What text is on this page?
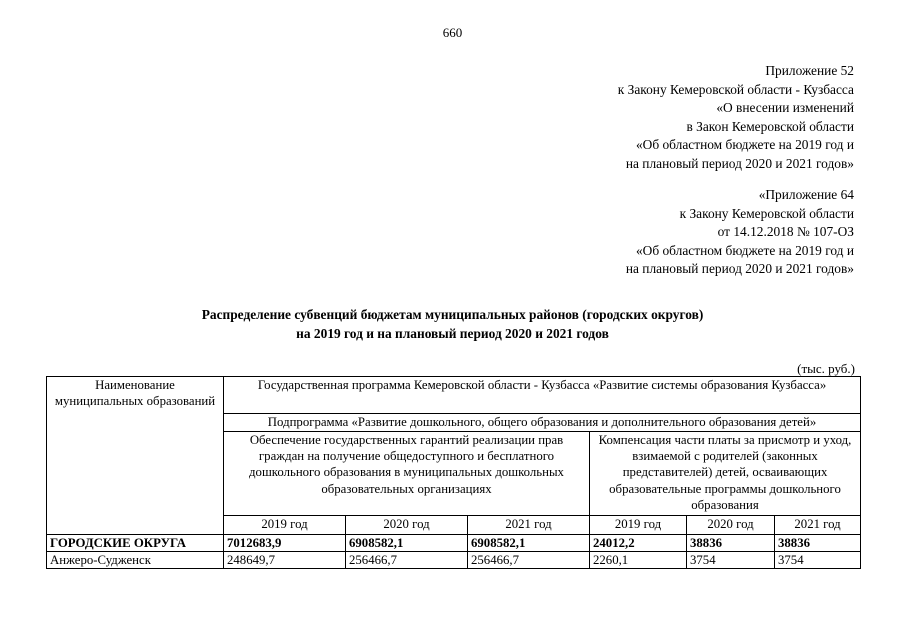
660
Приложение 52
к Закону Кемеровской области - Кузбасса
«О внесении изменений
в Закон Кемеровской области
«Об областном бюджете на 2019 год и
на плановый период 2020 и 2021 годов»
«Приложение 64
к Закону Кемеровской области
от 14.12.2018 № 107-ОЗ
«Об областном бюджете на 2019 год и
на плановый период 2020 и 2021 годов»
Распределение субвенций бюджетам муниципальных районов (городских округов)
на 2019 год и на плановый период 2020 и 2021 годов
(тыс. руб.)
Наименование муниципальных образований	Государственная программа Кемеровской области - Кузбасса «Развитие системы образования Кузбасса»					
	Подпрограмма «Развитие дошкольного, общего образования и дополнительного образования детей»					
	Обеспечение государственных гарантий реализации прав граждан на получение общедоступного и бесплатного дошкольного образования в муниципальных дошкольных образовательных организациях			Компенсация части платы за присмотр и уход, взимаемой с родителей (законных представителей) детей, осваивающих образовательные программы дошкольного образования		
	2019 год	2020 год	2021 год	2019 год	2020 год	2021 год
ГОРОДСКИЕ ОКРУГА	7012683,9	6908582,1	6908582,1	24012,2	38836	38836
Анжеро-Судженск	248649,7	256466,7	256466,7	2260,1	3754	3754
